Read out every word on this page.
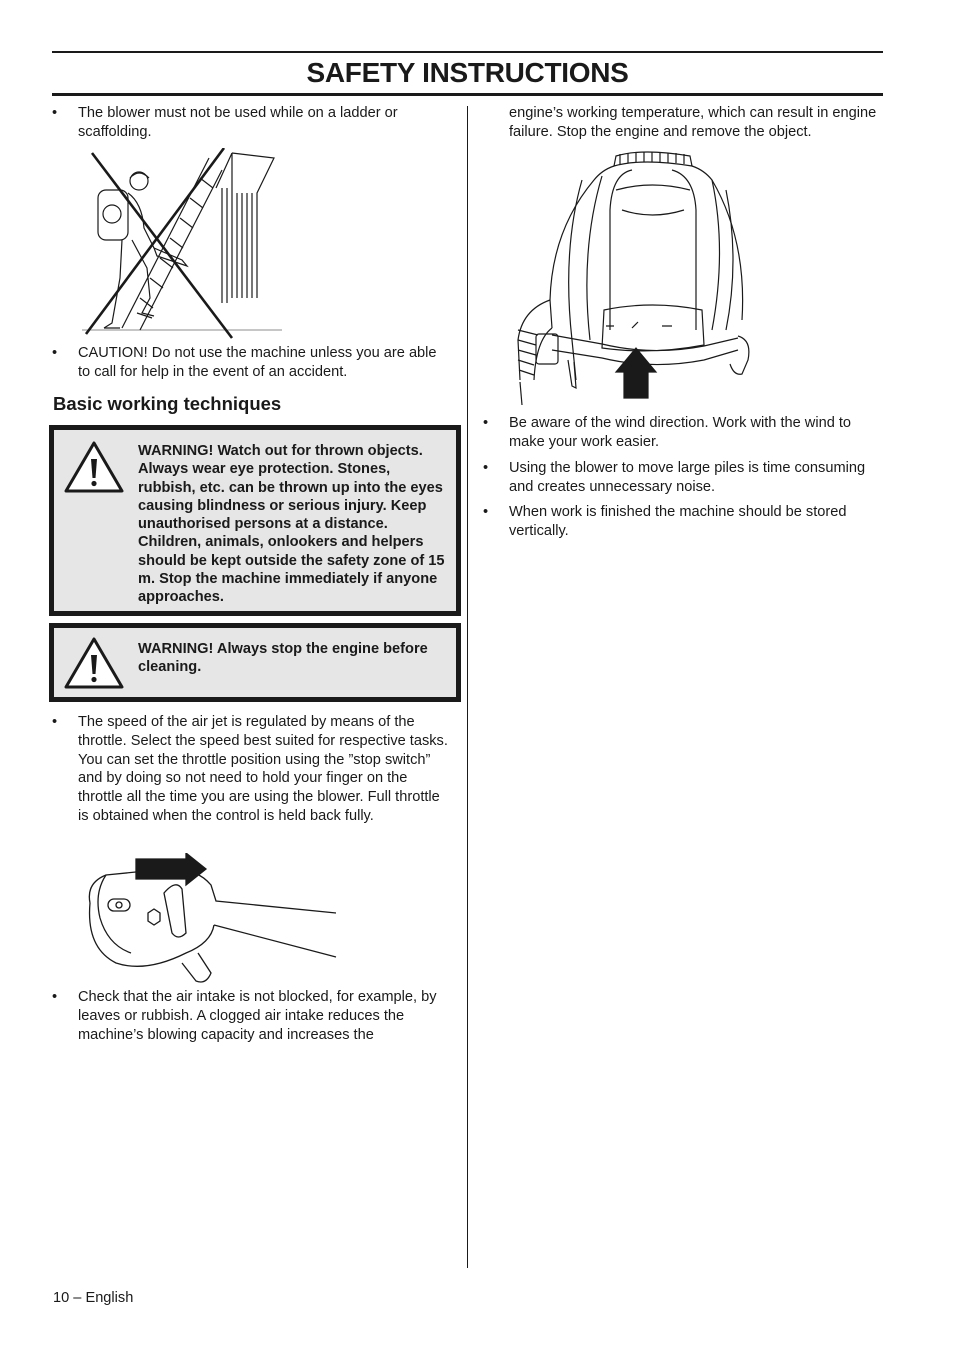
SAFETY INSTRUCTIONS
• The blower must not be used while on a ladder or scaffolding.
• CAUTION! Do not use the machine unless you are able to call for help in the event of an accident.
Basic working techniques
WARNING! Watch out for thrown objects. Always wear eye protection. Stones, rubbish, etc. can be thrown up into the eyes causing blindness or serious injury. Keep unauthorised persons at a distance. Children, animals, onlookers and helpers should be kept outside the safety zone of 15 m. Stop the machine immediately if anyone approaches.
WARNING! Always stop the engine before cleaning.
• The speed of the air jet is regulated by means of the throttle. Select the speed best suited for respective tasks. You can set the throttle position using the ”stop switch” and by doing so not need to hold your finger on the throttle all the time you are using the blower. Full throttle is obtained when the control is held back fully.
• Check that the air intake is not blocked, for example, by leaves or rubbish. A clogged air intake reduces the machine’s blowing capacity and increases the
engine’s working temperature, which can result in engine failure. Stop the engine and remove the object.
• Be aware of the wind direction. Work with the wind to make your work easier.
• Using the blower to move large piles is time consuming and creates unnecessary noise.
• When work is finished the machine should be stored vertically.
10 – English
